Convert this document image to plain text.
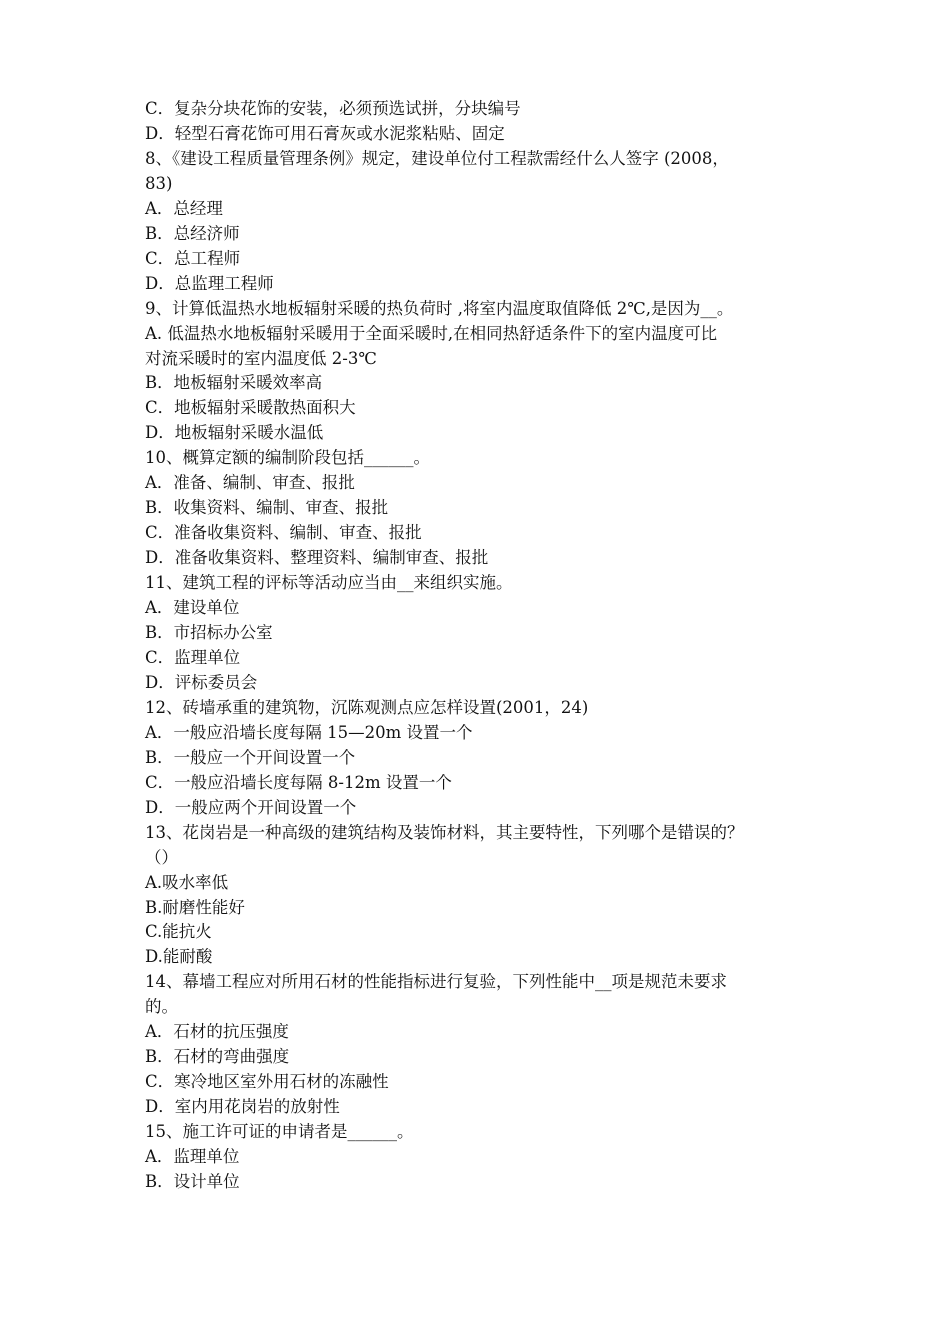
C．复杂分块花饰的安装，必须预选试拼，分块编号
D．轻型石膏花饰可用石膏灰或水泥浆粘贴、固定
8、《建设工程质量管理条例》规定，建设单位付工程款需经什么人签字 (2008，
83)
A．总经理
B．总经济师
C．总工程师
D．总监理工程师
9、计算低温热水地板辐射采暖的热负荷时 ,将室内温度取值降低 2℃,是因为__。
A. 低温热水地板辐射采暖用于全面采暖时,在相同热舒适条件下的室内温度可比
对流采暖时的室内温度低 2-3℃
B．地板辐射采暖效率高
C．地板辐射采暖散热面积大
D．地板辐射采暖水温低
10、概算定额的编制阶段包括______。
A．准备、编制、审查、报批
B．收集资料、编制、审查、报批
C．准备收集资料、编制、审查、报批
D．准备收集资料、整理资料、编制审查、报批
11、建筑工程的评标等活动应当由__来组织实施。
A．建设单位
B．市招标办公室
C．监理单位
D．评标委员会
12、砖墙承重的建筑物，沉陈观测点应怎样设置(2001，24)
A．一般应沿墙长度每隔 15—20m 设置一个
B．一般应一个开间设置一个
C．一般应沿墙长度每隔 8-12m 设置一个
D．一般应两个开间设置一个
13、花岗岩是一种高级的建筑结构及装饰材料，其主要特性，下列哪个是错误的？
（）
A.吸水率低
B.耐磨性能好
C.能抗火
D.能耐酸
14、幕墙工程应对所用石材的性能指标进行复验，下列性能中__项是规范未要求
的。
A．石材的抗压强度
B．石材的弯曲强度
C．寒冷地区室外用石材的冻融性
D．室内用花岗岩的放射性
15、施工许可证的申请者是______。
A．监理单位
B．设计单位
